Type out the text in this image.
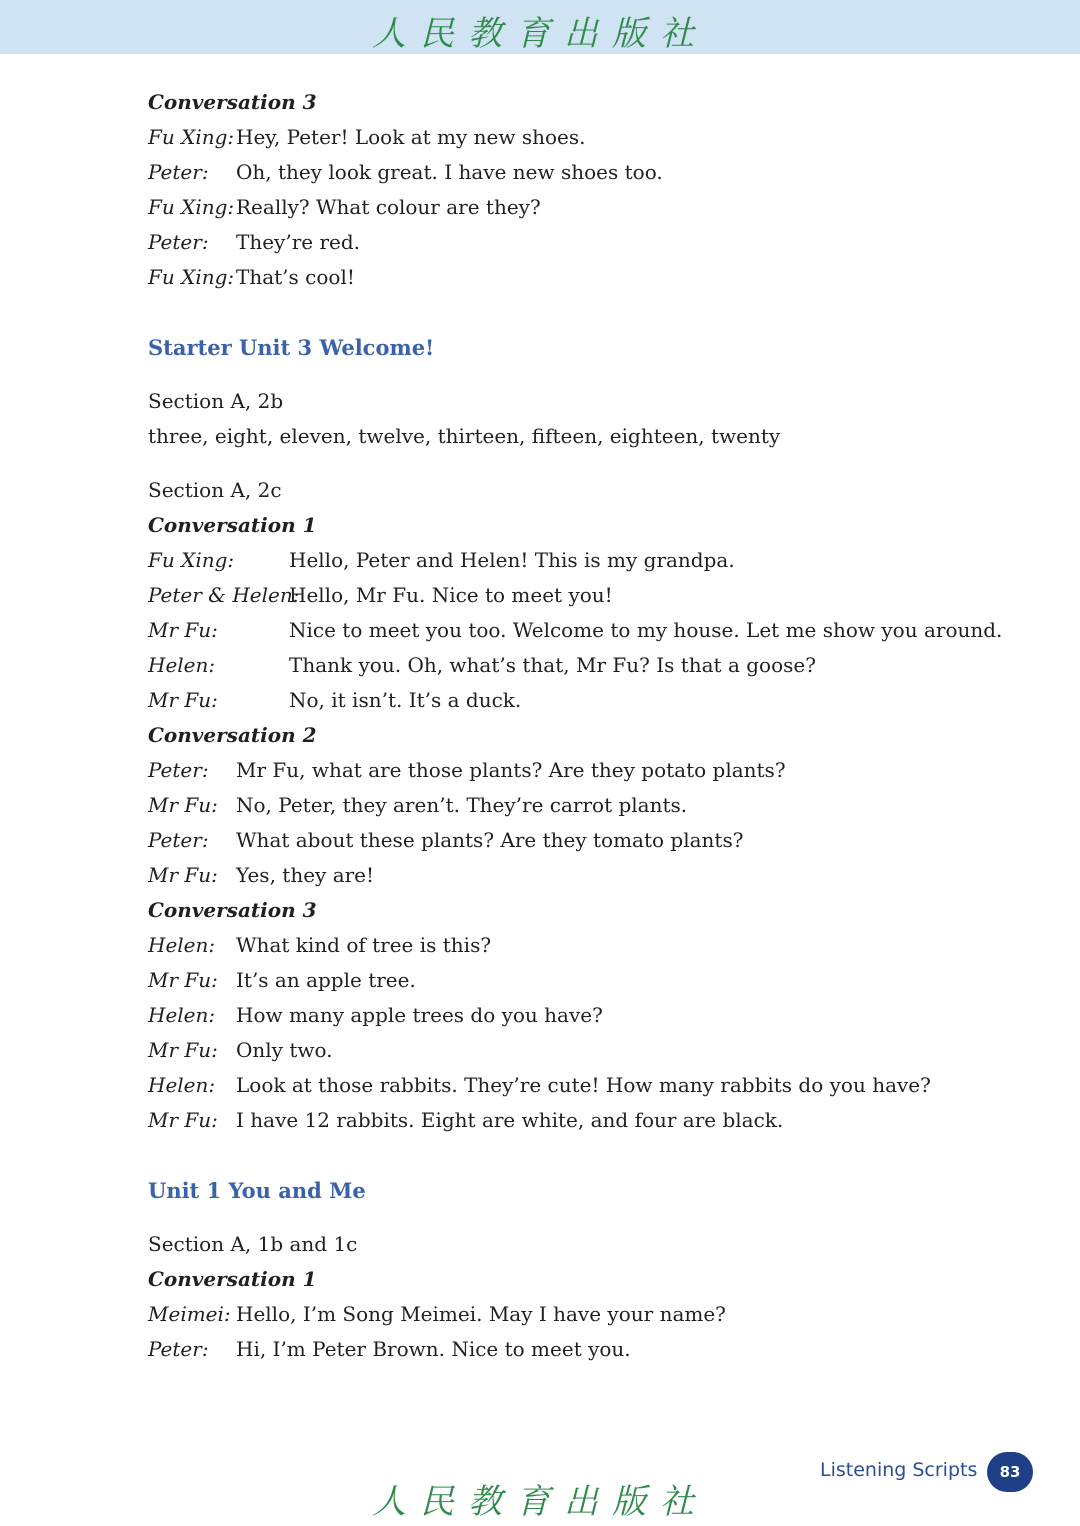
人民教育出版社
Conversation 3
Fu Xing: Hey, Peter! Look at my new shoes.
Peter:	Oh, they look great. I have new shoes too.
Fu Xing: Really? What colour are they?
Peter:	They’re red.
Fu Xing: That’s cool!
Starter Unit 3 Welcome!
Section A, 2b
three, eight, eleven, twelve, thirteen, fifteen, eighteen, twenty
Section A, 2c
Conversation 1
Fu Xing:	Hello, Peter and Helen! This is my grandpa.
Peter & Helen:
Hello, Mr Fu. Nice to meet you!
Mr Fu:	Nice to meet you too. Welcome to my house. Let me show you around.
Helen:	Thank you. Oh, what’s that, Mr Fu? Is that a goose?
Mr Fu:	No, it isn’t. It’s a duck.
Conversation 2
Peter:	Mr Fu, what are those plants? Are they potato plants?
Mr Fu: No, Peter, they aren’t. They’re carrot plants.
Peter:	What about these plants? Are they tomato plants?
Mr Fu: Yes, they are!
Conversation 3
Helen:	What kind of tree is this?
Mr Fu: It’s an apple tree.
Helen:	How many apple trees do you have?
Mr Fu: Only two.
Helen:	Look at those rabbits. They’re cute! How many rabbits do you have?
Mr Fu: I have 12 rabbits. Eight are white, and four are black.
Unit 1 You and Me
Section A, 1b and 1c
Conversation 1
Meimei: Hello, I’m Song Meimei. May I have your name?
Peter:	Hi, I’m Peter Brown. Nice to meet you.
Listening Scripts	83
人民教育出版社
